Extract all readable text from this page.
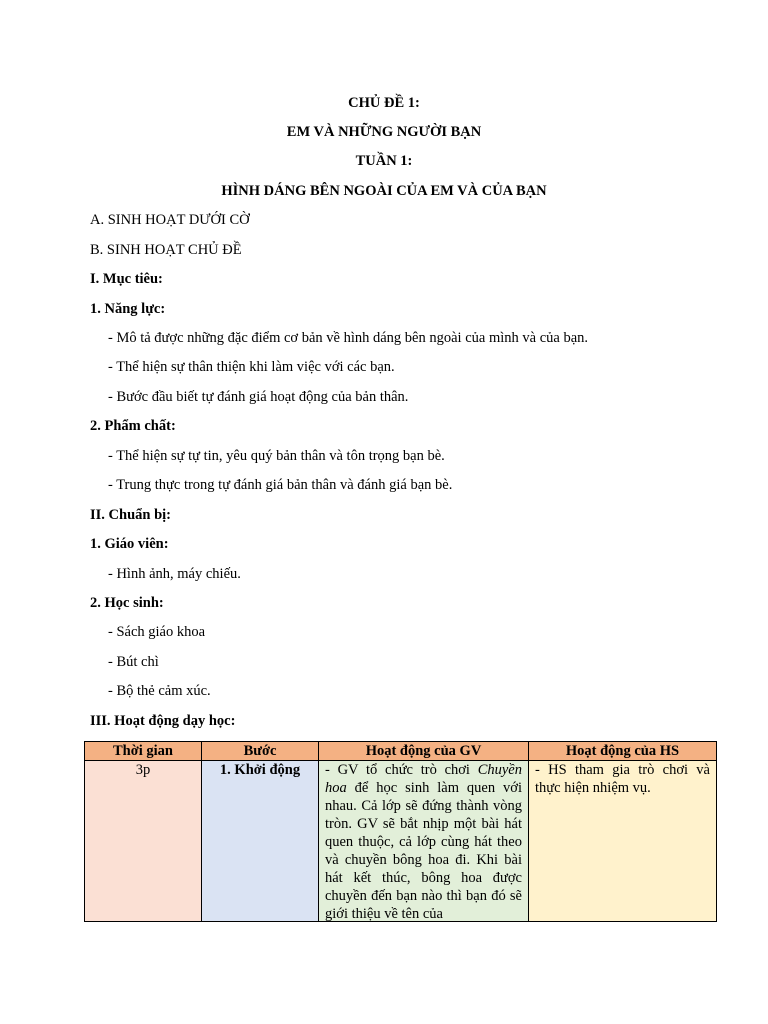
CHỦ ĐỀ 1:
EM VÀ NHỮNG NGƯỜI BẠN
TUẦN 1:
HÌNH DÁNG BÊN NGOÀI CỦA EM VÀ CỦA BẠN
A. SINH HOẠT DƯỚI CỜ
B. SINH HOẠT CHỦ ĐỀ
I. Mục tiêu:
1. Năng lực:
- Mô tả được những đặc điểm cơ bản về hình dáng bên ngoài của mình và của bạn.
- Thể hiện sự thân thiện khi làm việc với các bạn.
- Bước đầu biết tự đánh giá hoạt động của bản thân.
2. Phẩm chất:
- Thể hiện sự tự tin, yêu quý bản thân và tôn trọng bạn bè.
- Trung thực trong tự đánh giá bản thân và đánh giá bạn bè.
II. Chuẩn bị:
1. Giáo viên:
- Hình ảnh, máy chiếu.
2. Học sinh:
- Sách giáo khoa
- Bút chì
- Bộ thẻ cảm xúc.
III. Hoạt động dạy học:
Thời gian	Bước	Hoạt động của GV	Hoạt động của HS
3p	1. Khởi động	- GV tổ chức trò chơi Chuyền hoa để học sinh làm quen với nhau. Cả lớp sẽ đứng thành vòng tròn. GV sẽ bắt nhịp một bài hát quen thuộc, cả lớp cùng hát theo và chuyền bông hoa đi. Khi bài hát kết thúc, bông hoa được chuyền đến bạn nào thì bạn đó sẽ giới thiệu về tên của	- HS tham gia trò chơi và thực hiện nhiệm vụ.
